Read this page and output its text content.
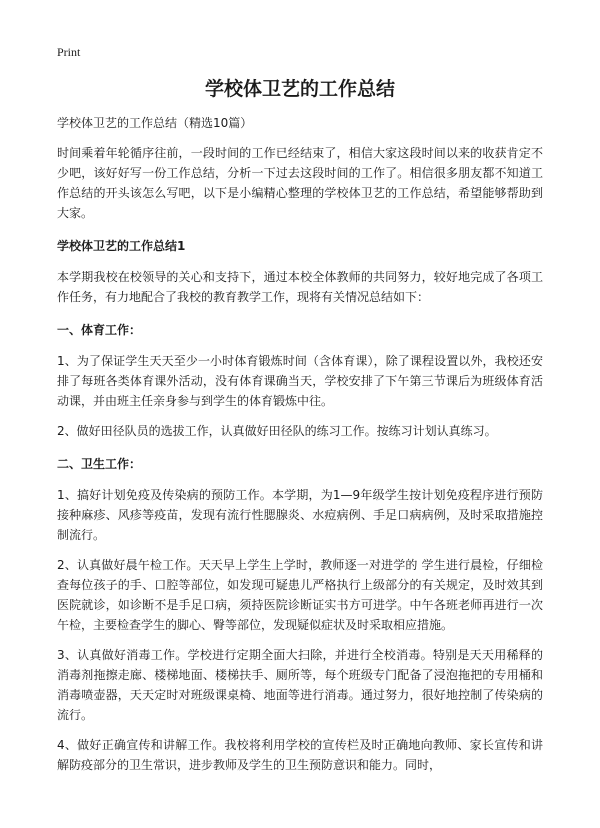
Print
学校体卫艺的工作总结

学校体卫艺的工作总结（精选10篇）

时间乘着年轮循序往前，一段时间的工作已经结束了，相信大家这段时间以来的收获肯定不少吧，该好好写一份工作总结，分析一下过去这段时间的工作了。相信很多朋友都不知道工作总结的开头该怎么写吧，以下是小编精心整理的学校体卫艺的工作总结，希望能够帮助到大家。

学校体卫艺的工作总结1

本学期我校在校领导的关心和支持下，通过本校全体教师的共同努力，较好地完成了各项工作任务，有力地配合了我校的教育教学工作，现将有关情况总结如下：

一、体育工作：

1、为了保证学生天天至少一小时体育锻炼时间（含体育课），除了课程设置以外，我校还安排了每班各类体育课外活动，没有体育课确当天，学校安排了下午第三节课后为班级体育活动课，并由班主任亲身参与到学生的体育锻炼中往。

2、做好田径队员的选拔工作，认真做好田径队的练习工作。按练习计划认真练习。

二、卫生工作：

1、搞好计划免疫及传染病的预防工作。本学期，为1—9年级学生按计划免疫程序进行预防接种麻疹、风疹等疫苗，发现有流行性腮腺炎、水痘病例、手足口病病例，及时采取措施控制流行。

2、认真做好晨午检工作。天天早上学生上学时，教师逐一对进学的 学生进行晨检，仔细检查每位孩子的手、口腔等部位，如发现可疑患儿严格执行上级部分的有关规定，及时效其到医院就诊，如诊断不是手足口病，须持医院诊断证实书方可进学。中午各班老师再进行一次午检，主要检查学生的脚心、臀等部位，发现疑似症状及时采取相应措施。

3、认真做好消毒工作。学校进行定期全面大扫除，并进行全校消毒。特别是天天用稀释的消毒剂拖擦走廊、楼梯地面、楼梯扶手、厕所等，每个班级专门配备了浸泡拖把的专用桶和消毒喷壶器，天天定时对班级课桌椅、地面等进行消毒。通过努力，很好地控制了传染病的流行。

4、做好正确宣传和讲解工作。我校将利用学校的宣传栏及时正确地向教师、家长宣传和讲解防疫部分的卫生常识，进步教师及学生的卫生预防意识和能力。同时，
